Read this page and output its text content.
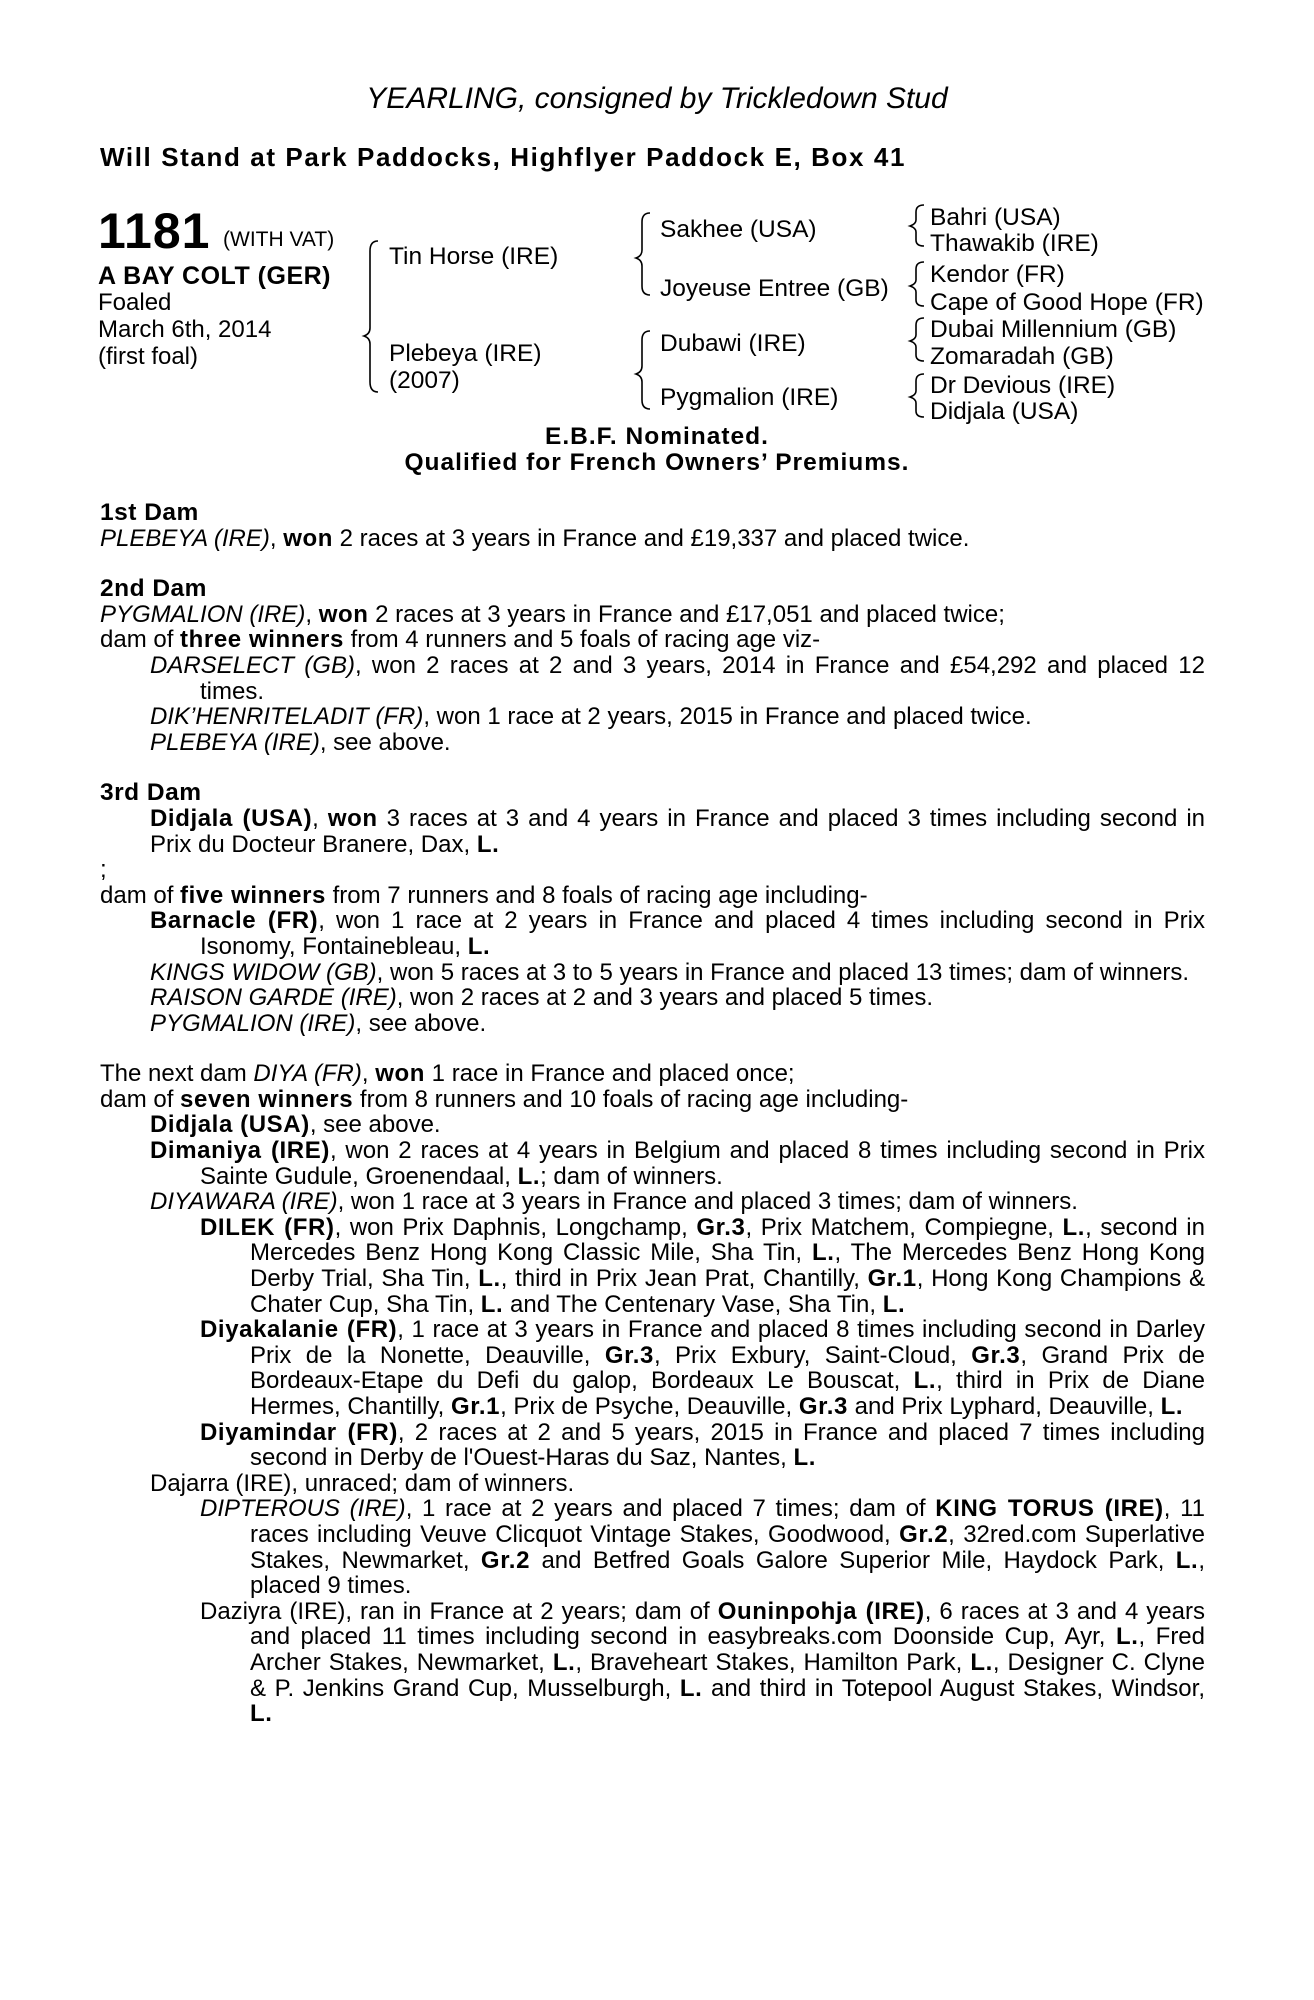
YEARLING, consigned by Trickledown Stud
Will Stand at Park Paddocks, Highflyer Paddock E, Box 41
1181 (WITH VAT)
A BAY COLT (GER)
Foaled
March 6th, 2014
(first foal)
Tin Horse (IRE)
Plebeya (IRE)
(2007)
Sakhee (USA)
Joyeuse Entree (GB)
Dubawi (IRE)
Pygmalion (IRE)
Bahri (USA)
Thawakib (IRE)
Kendor (FR)
Cape of Good Hope (FR)
Dubai Millennium (GB)
Zomaradah (GB)
Dr Devious (IRE)
Didjala (USA)
E.B.F. Nominated.
Qualified for French Owners’ Premiums.

1st Dam

PLEBEYA (IRE), won 2 races at 3 years in France and £19,337 and placed twice.

2nd Dam

PYGMALION (IRE), won 2 races at 3 years in France and £17,051 and placed twice;

dam of three winners from 4 runners and 5 foals of racing age viz-

DARSELECT (GB), won 2 races at 2 and 3 years, 2014 in France and £54,292 and placed 12 times.

DIK’HENRITELADIT (FR), won 1 race at 2 years, 2015 in France and placed twice.

PLEBEYA (IRE), see above.

3rd Dam

Didjala (USA), won 3 races at 3 and 4 years in France and placed 3 times including second in Prix du Docteur Branere, Dax, L.

;

dam of five winners from 7 runners and 8 foals of racing age including-

Barnacle (FR), won 1 race at 2 years in France and placed 4 times including second in Prix Isonomy, Fontainebleau, L.

KINGS WIDOW (GB), won 5 races at 3 to 5 years in France and placed 13 times; dam of winners.

RAISON GARDE (IRE), won 2 races at 2 and 3 years and placed 5 times.

PYGMALION (IRE), see above.

The next dam DIYA (FR), won 1 race in France and placed once;

dam of seven winners from 8 runners and 10 foals of racing age including-

Didjala (USA), see above.

Dimaniya (IRE), won 2 races at 4 years in Belgium and placed 8 times including second in Prix Sainte Gudule, Groenendaal, L.; dam of winners.

DIYAWARA (IRE), won 1 race at 3 years in France and placed 3 times; dam of winners.

DILEK (FR), won Prix Daphnis, Longchamp, Gr.3, Prix Matchem, Compiegne, L., second in Mercedes Benz Hong Kong Classic Mile, Sha Tin, L., The Mercedes Benz Hong Kong Derby Trial, Sha Tin, L., third in Prix Jean Prat, Chantilly, Gr.1, Hong Kong Champions & Chater Cup, Sha Tin, L. and The Centenary Vase, Sha Tin, L.

Diyakalanie (FR), 1 race at 3 years in France and placed 8 times including second in Darley Prix de la Nonette, Deauville, Gr.3, Prix Exbury, Saint-Cloud, Gr.3, Grand Prix de Bordeaux-Etape du Defi du galop, Bordeaux Le Bouscat, L., third in Prix de Diane Hermes, Chantilly, Gr.1, Prix de Psyche, Deauville, Gr.3 and Prix Lyphard, Deauville, L.

Diyamindar (FR), 2 races at 2 and 5 years, 2015 in France and placed 7 times including second in Derby de l'Ouest-Haras du Saz, Nantes, L.

Dajarra (IRE), unraced; dam of winners.

DIPTEROUS (IRE), 1 race at 2 years and placed 7 times; dam of KING TORUS (IRE), 11 races including Veuve Clicquot Vintage Stakes, Goodwood, Gr.2, 32red.com Superlative Stakes, Newmarket, Gr.2 and Betfred Goals Galore Superior Mile, Haydock Park, L., placed 9 times.

Daziyra (IRE), ran in France at 2 years; dam of Ouninpohja (IRE), 6 races at 3 and 4 years and placed 11 times including second in easybreaks.com Doonside Cup, Ayr, L., Fred Archer Stakes, Newmarket, L., Braveheart Stakes, Hamilton Park, L., Designer C. Clyne & P. Jenkins Grand Cup, Musselburgh, L. and third in Totepool August Stakes, Windsor, L.
